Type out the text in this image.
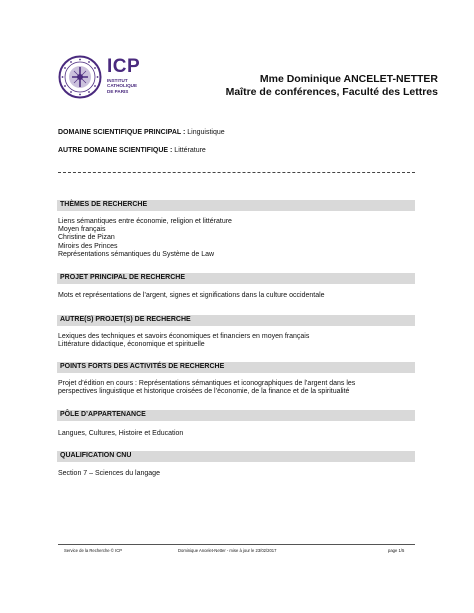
ICP
INSTITUT
CATHOLIQUE
DE PARIS
Mme Dominique ANCELET-NETTER
Maître de conférences, Faculté des Lettres
DOMAINE SCIENTIFIQUE PRINCIPAL : Linguistique
AUTRE DOMAINE SCIENTIFIQUE : Littérature
THÈMES DE RECHERCHE
Liens sémantiques entre économie, religion et littérature
Moyen français
Christine de Pizan
Miroirs des Princes
Représentations sémantiques du Système de Law
PROJET PRINCIPAL DE RECHERCHE
Mots et représentations de l’argent, signes et significations dans la culture occidentale
AUTRE(S) PROJET(S) DE RECHERCHE
Lexiques des techniques et savoirs économiques et financiers en moyen français
Littérature didactique, économique et spirituelle
POINTS FORTS DES ACTIVITÉS DE RECHERCHE
Projet d’édition en cours : Représentations sémantiques et iconographiques de l’argent dans les
perspectives linguistique et historique croisées de l’économie, de la finance et de la spiritualité
PÔLE D’APPARTENANCE
Langues, Cultures, Histoire et Education
QUALIFICATION CNU
Section 7 – Sciences du langage
Service de la Recherche © ICP	Dominique Ancelet-Netter - mise à jour le 23/02/2017	page 1/5
